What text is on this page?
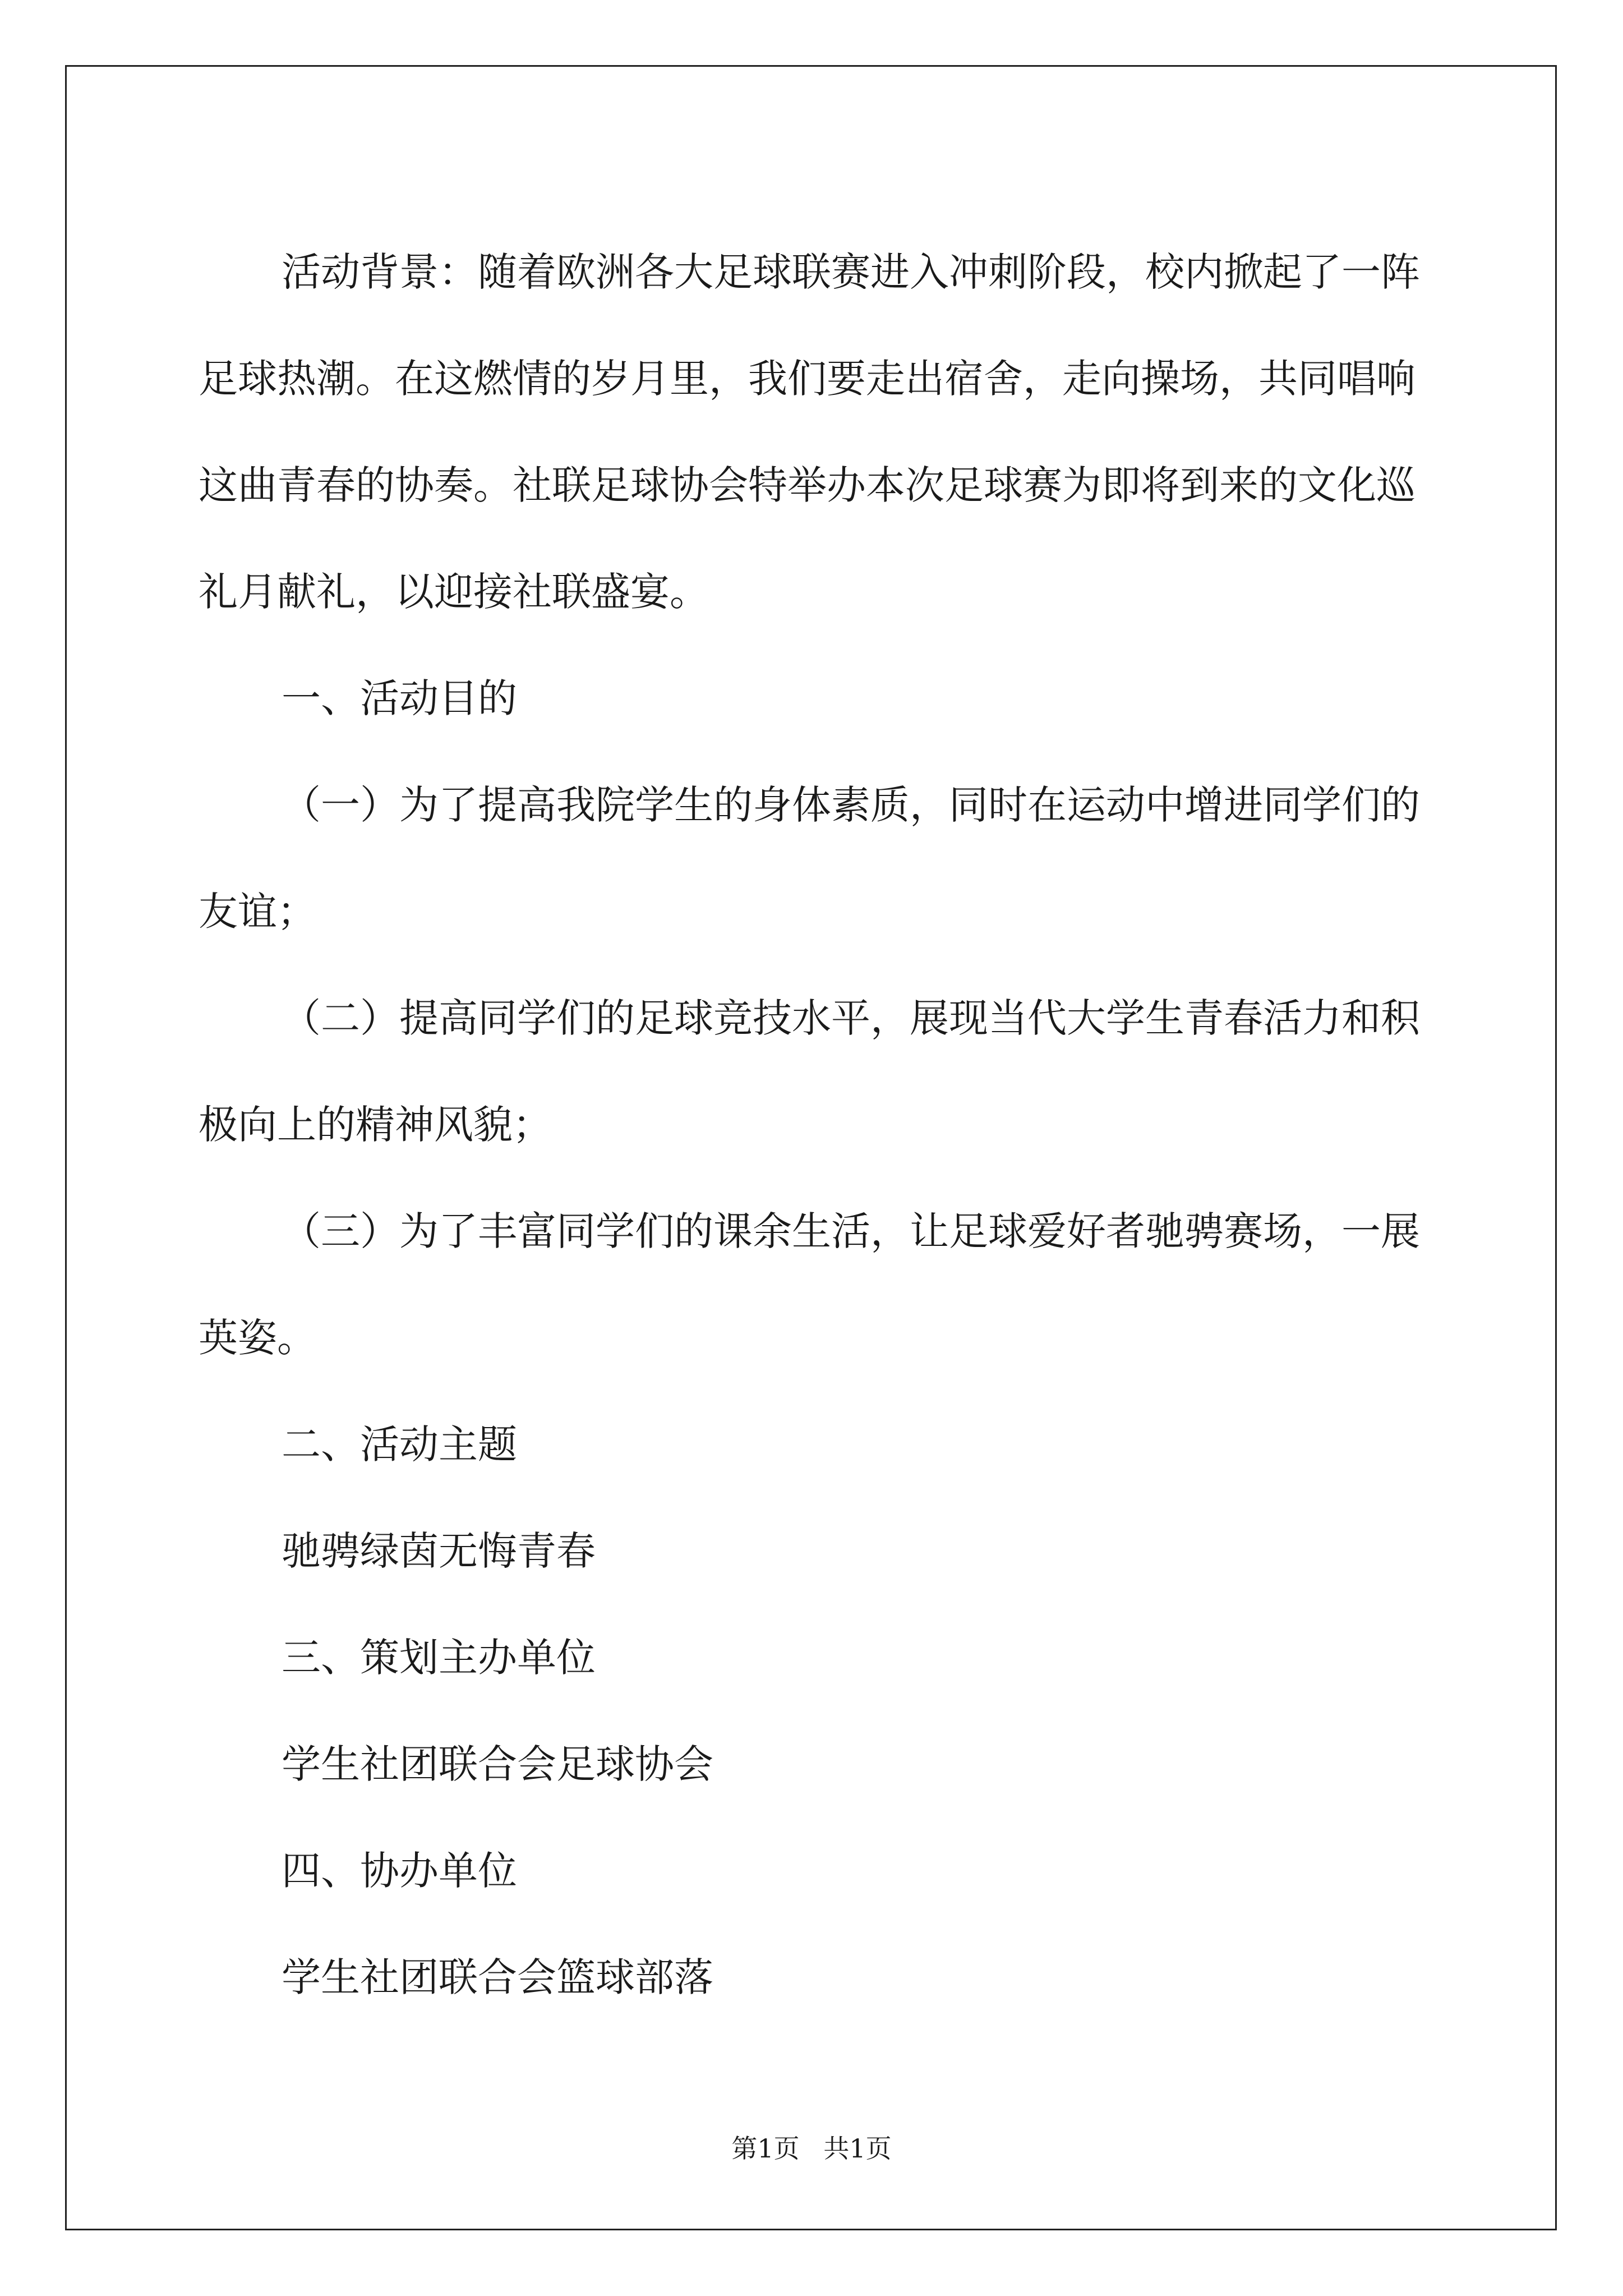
活动背景：随着欧洲各大足球联赛进入冲刺阶段，校内掀起了一阵足球热潮。在这燃情的岁月里，我们要走出宿舍，走向操场，共同唱响这曲青春的协奏。社联足球协会特举办本次足球赛为即将到来的文化巡礼月献礼，以迎接社联盛宴。

一、活动目的

（一）为了提高我院学生的身体素质，同时在运动中增进同学们的友谊；

（二）提高同学们的足球竞技水平，展现当代大学生青春活力和积极向上的精神风貌；

（三）为了丰富同学们的课余生活，让足球爱好者驰骋赛场，一展英姿。

二、活动主题

驰骋绿茵无悔青春

三、策划主办单位

学生社团联合会足球协会

四、协办单位

学生社团联合会篮球部落

第1页 共1页
